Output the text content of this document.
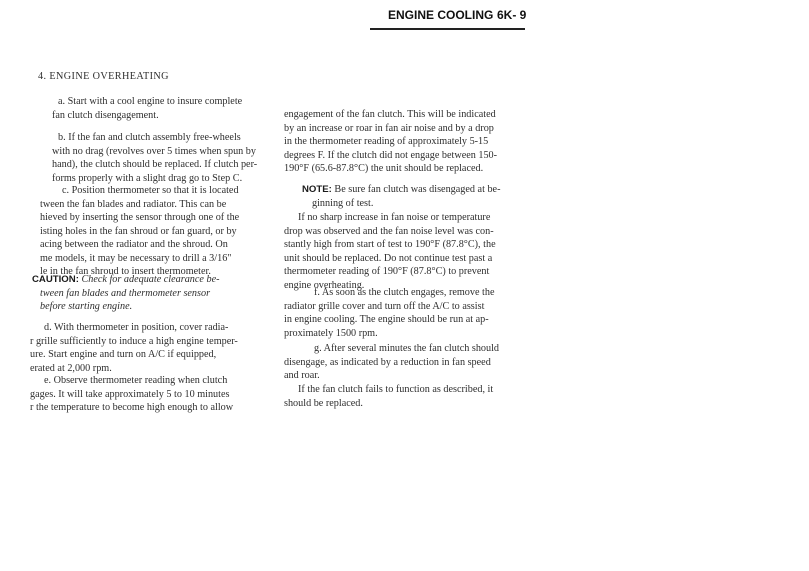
ENGINE COOLING 6K- 9
4. ENGINE OVERHEATING
a. Start with a cool engine to insure complete
fan clutch disengagement.
b. If the fan and clutch assembly free-wheels
with no drag (revolves over 5 times when spun by
hand), the clutch should be replaced. If clutch per-
forms properly with a slight drag go to Step C.
c. Position thermometer so that it is located
tween the fan blades and radiator. This can be
hieved by inserting the sensor through one of the
isting holes in the fan shroud or fan guard, or by
acing between the radiator and the shroud. On
me models, it may be necessary to drill a 3/16"
le in the fan shroud to insert thermometer.
CAUTION: Check for adequate clearance be-
tween fan blades and thermometer sensor
before starting engine.
d. With thermometer in position, cover radia-
r grille sufficiently to induce a high engine temper-
ure. Start engine and turn on A/C if equipped,
erated at 2,000 rpm.
e. Observe thermometer reading when clutch
gages. It will take approximately 5 to 10 minutes
r the temperature to become high enough to allow
engagement of the fan clutch. This will be indicated
by an increase or roar in fan air noise and by a drop
in the thermometer reading of approximately 5-15
degrees F. If the clutch did not engage between 150-
190°F (65.6-87.8°C) the unit should be replaced.
NOTE: Be sure fan clutch was disengaged at be-
ginning of test.
If no sharp increase in fan noise or temperature
drop was observed and the fan noise level was con-
stantly high from start of test to 190°F (87.8°C), the
unit should be replaced. Do not continue test past a
thermometer reading of 190°F (87.8°C) to prevent
engine overheating.
f. As soon as the clutch engages, remove the
radiator grille cover and turn off the A/C to assist
in engine cooling. The engine should be run at ap-
proximately 1500 rpm.
g. After several minutes the fan clutch should
disengage, as indicated by a reduction in fan speed
and roar.
If the fan clutch fails to function as described, it
should be replaced.
